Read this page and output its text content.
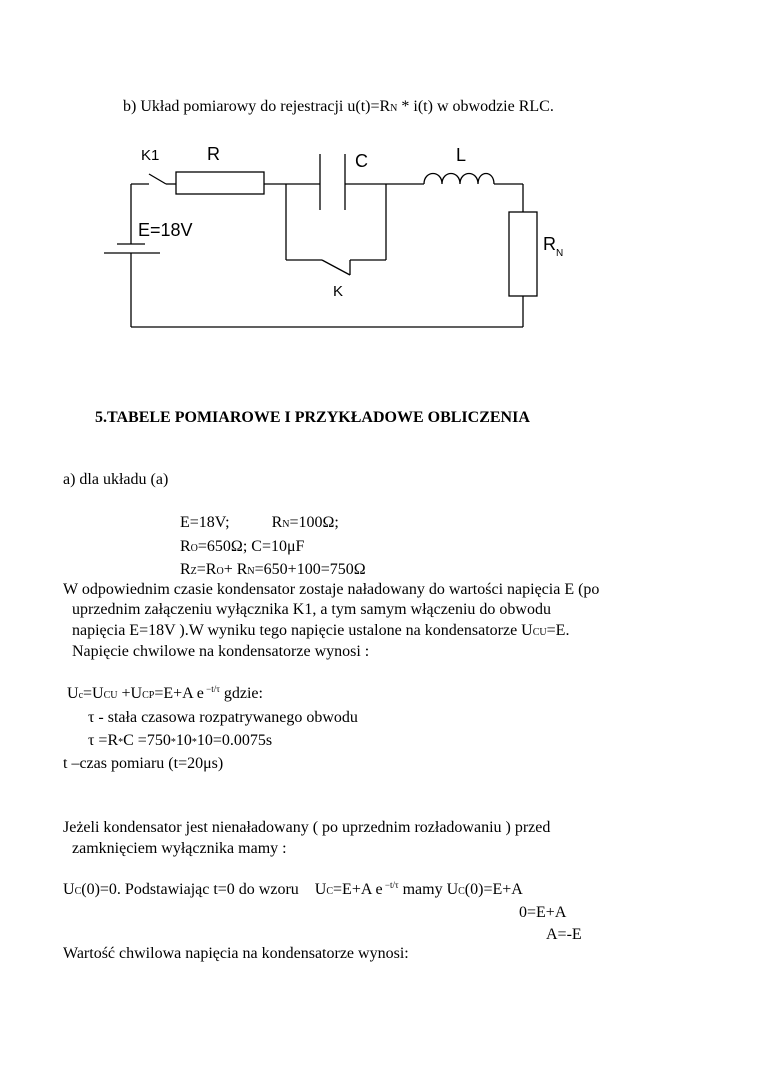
b) Układ pomiarowy do rejestracji u(t)=RN * i(t) w obwodzie RLC.
K1	R	C	L
E=18V
R N
K
5.TABELE POMIAROWE I PRZYKŁADOWE OBLICZENIA
a) dla układu (a)
E=18V;	RN=100Ω;
RO=650Ω; C=10μF
RZ=RO+ RN=650+100=750Ω
W odpowiednim czasie kondensator zostaje naładowany do wartości napięcia E (po
uprzednim załączeniu wyłącznika K1, a tym samym włączeniu do obwodu
napięcia E=18V ).W wyniku tego napięcie ustalone na kondensatorze UCU=E.
Napięcie chwilowe na kondensatorze wynosi :
Uc=UCU +UCP=E+A e $^{-t/\tau}$ gdzie:
τ - stała czasowa rozpatrywanego obwodu
τ =R*C =750*10*10=0.0075s
t –czas pomiaru (t=20μs)
Jeżeli kondensator jest nienaładowany ( po uprzednim rozładowaniu ) przed
zamknięciem wyłącznika mamy :
UC(0)=0. Podstawiając t=0 do wzoru UC=E+A e $^{-t/\tau}$ mamy UC(0)=E+A
0=E+A
A=-E
Wartość chwilowa napięcia na kondensatorze wynosi:
